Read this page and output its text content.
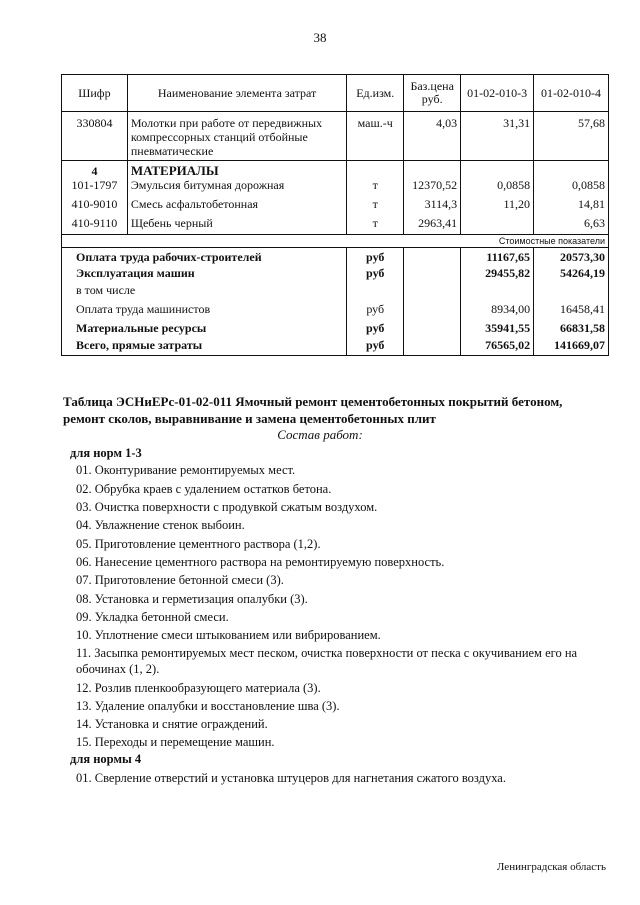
38
Шифр	Наименование элемента затрат	Ед.изм.	Баз.цена руб.	01-02-010-3	01-02-010-4
330804	Молотки при работе от передвижных компрессорных станций отбойные пневматические	маш.-ч	4,03	31,31	57,68
4	МАТЕРИАЛЫ				
101-1797	Эмульсия битумная дорожная	т	12370,52	0,0858	0,0858
410-9010	Смесь асфальтобетонная	т	3114,3	11,20	14,81
410-9110	Щебень черный	т	2963,41		6,63
Стоимостные показатели					
Оплата труда рабочих-строителей		руб		11167,65	20573,30
Эксплуатация машин		руб		29455,82	54264,19
в том числе					
Оплата труда машинистов		руб		8934,00	16458,41
Материальные ресурсы		руб		35941,55	66831,58
Всего, прямые затраты		руб		76565,02	141669,07

Таблица ЭСНиЕРс-01-02-011 Ямочный ремонт цементобетонных покрытий бетоном, ремонт сколов, выравнивание и замена цементобетонных плит

Состав работ:
для норм 1-3
01. Оконтуривание ремонтируемых мест.
02. Обрубка краев с удалением остатков бетона.
03. Очистка поверхности с продувкой сжатым воздухом.
04. Увлажнение стенок выбоин.
05. Приготовление цементного раствора (1,2).
06. Нанесение цементного раствора на ремонтируемую поверхность.
07. Приготовление бетонной смеси (3).
08. Установка и герметизация опалубки (3).
09. Укладка бетонной смеси.
10. Уплотнение смеси штыкованием или вибрированием.
11. Засыпка ремонтируемых мест песком, очистка поверхности от песка с окучиванием его на обочинах (1, 2).
12. Розлив пленкообразующего материала (3).
13. Удаление опалубки и восстановление шва (3).
14. Установка и снятие ограждений.
15. Переходы и перемещение машин.
для нормы 4
01. Сверление отверстий и установка штуцеров для нагнетания сжатого воздуха.
Ленинградская область
